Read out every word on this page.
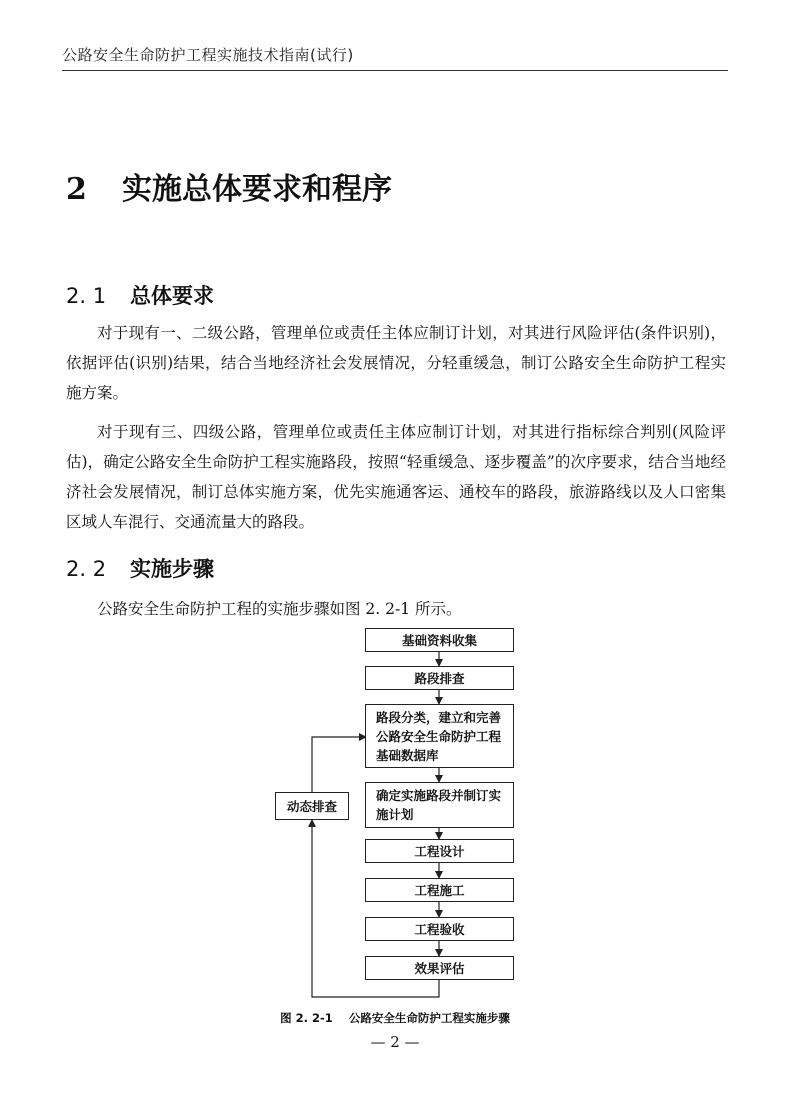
公路安全生命防护工程实施技术指南(试行)
2	实施总体要求和程序
2. 1	总体要求

对于现有一、二级公路，管理单位或责任主体应制订计划，对其进行风险评估(条件识别)，依据评估(识别)结果，结合当地经济社会发展情况，分轻重缓急，制订公路安全生命防护工程实施方案。

对于现有三、四级公路，管理单位或责任主体应制订计划，对其进行指标综合判别(风险评估)，确定公路安全生命防护工程实施路段，按照“轻重缓急、逐步覆盖”的次序要求，结合当地经济社会发展情况，制订总体实施方案，优先实施通客运、通校车的路段，旅游路线以及人口密集区域人车混行、交通流量大的路段。

2. 2	实施步骤

公路安全生命防护工程的实施步骤如图 2. 2-1 所示。

基础资料收集
路段排查
路段分类，建立和完善公路安全生命防护工程基础数据库
确定实施路段并制订实施计划
工程设计
工程施工
工程验收
效果评估
动态排查
图 2. 2-1 公路安全生命防护工程实施步骤
— 2 —
